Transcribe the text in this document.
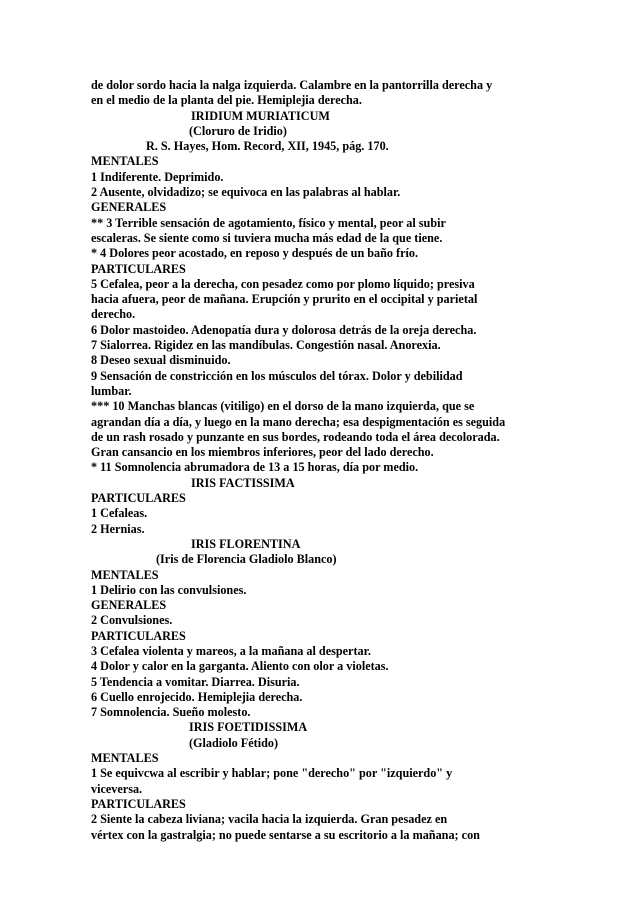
de dolor sordo hacia la nalga izquierda. Calambre en la pantorrilla derecha y
en el medio de la planta del pie. Hemiplejia derecha.
IRIDIUM MURIATICUM
(Cloruro de Iridio)
R. S. Hayes, Hom. Record, XII, 1945, pág. 170.
MENTALES
1 Indiferente. Deprimido.
2 Ausente, olvidadizo; se equivoca en las palabras al hablar.
GENERALES
** 3 Terrible sensación de agotamiento, físico y mental, peor al subir
escaleras. Se siente como si tuviera mucha más edad de la que tiene.
* 4 Dolores peor acostado, en reposo y después de un baño frío.
PARTICULARES
5 Cefalea, peor a la derecha, con pesadez como por plomo líquido; presiva
hacia afuera, peor de mañana. Erupción y prurito en el occipital y parietal
derecho.
6 Dolor mastoideo. Adenopatía dura y dolorosa detrás de la oreja derecha.
7 Sialorrea. Rigidez en las mandíbulas. Congestión nasal. Anorexia.
8 Deseo sexual disminuido.
9 Sensación de constricción en los músculos del tórax. Dolor y debilidad
lumbar.
*** 10 Manchas blancas (vitiligo) en el dorso de la mano izquierda, que se
agrandan día a día, y luego en la mano derecha; esa despigmentación es seguida
de un rash rosado y punzante en sus bordes, rodeando toda el área decolorada.
Gran cansancio en los miembros inferiores, peor del lado derecho.
* 11 Somnolencia abrumadora de 13 a 15 horas, día por medio.
IRIS FACTISSIMA
PARTICULARES
1 Cefaleas.
2 Hernias.
IRIS FLORENTINA
(Iris de Florencia Gladiolo Blanco)
MENTALES
1 Delirio con las convulsiones.
GENERALES
2 Convulsiones.
PARTICULARES
3 Cefalea violenta y mareos, a la mañana al despertar.
4 Dolor y calor en la garganta. Aliento con olor a violetas.
5 Tendencia a vomitar. Diarrea. Disuria.
6 Cuello enrojecido. Hemiplejia derecha.
7 Somnolencia. Sueño molesto.
IRIS FOETIDISSIMA
(Gladiolo Fétido)
MENTALES
1 Se equivcwa al escribir y hablar; pone "derecho" por "izquierdo" y
viceversa.
PARTICULARES
2 Siente la cabeza liviana; vacila hacia la izquierda. Gran pesadez en
vértex con la gastralgia; no puede sentarse a su escritorio a la mañana; con
